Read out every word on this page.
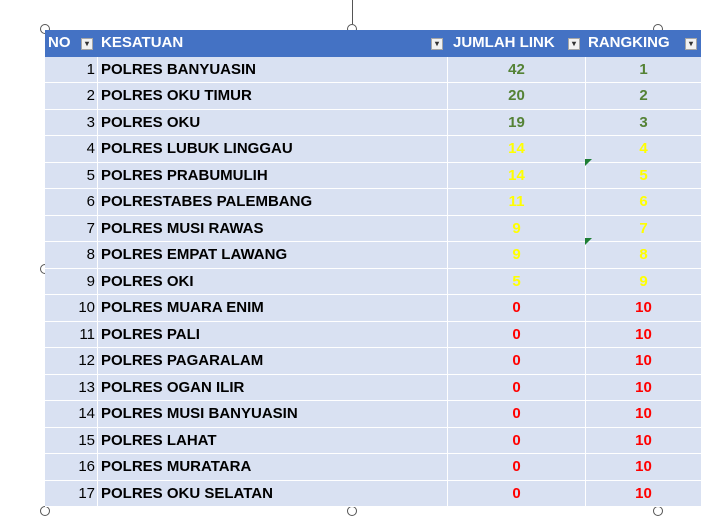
NO	▾ KESATUAN	▾ JUMLAH LINK	▾ RANGKING	▾
1 POLRES BANYUASIN	42	1
2 POLRES OKU TIMUR	20	2
3 POLRES OKU	19	3
4 POLRES LUBUK LINGGAU	14	4
5 POLRES PRABUMULIH	14	5
6 POLRESTABES PALEMBANG	11	6
7 POLRES MUSI RAWAS	9	7
8 POLRES EMPAT LAWANG	9	8
9 POLRES OKI	5	9
10 POLRES MUARA ENIM	0	10
11 POLRES PALI	0	10
12 POLRES PAGARALAM	0	10
13 POLRES OGAN ILIR	0	10
14 POLRES MUSI BANYUASIN	0	10
15 POLRES LAHAT	0	10
16 POLRES MURATARA	0	10
17 POLRES OKU SELATAN	0	10
